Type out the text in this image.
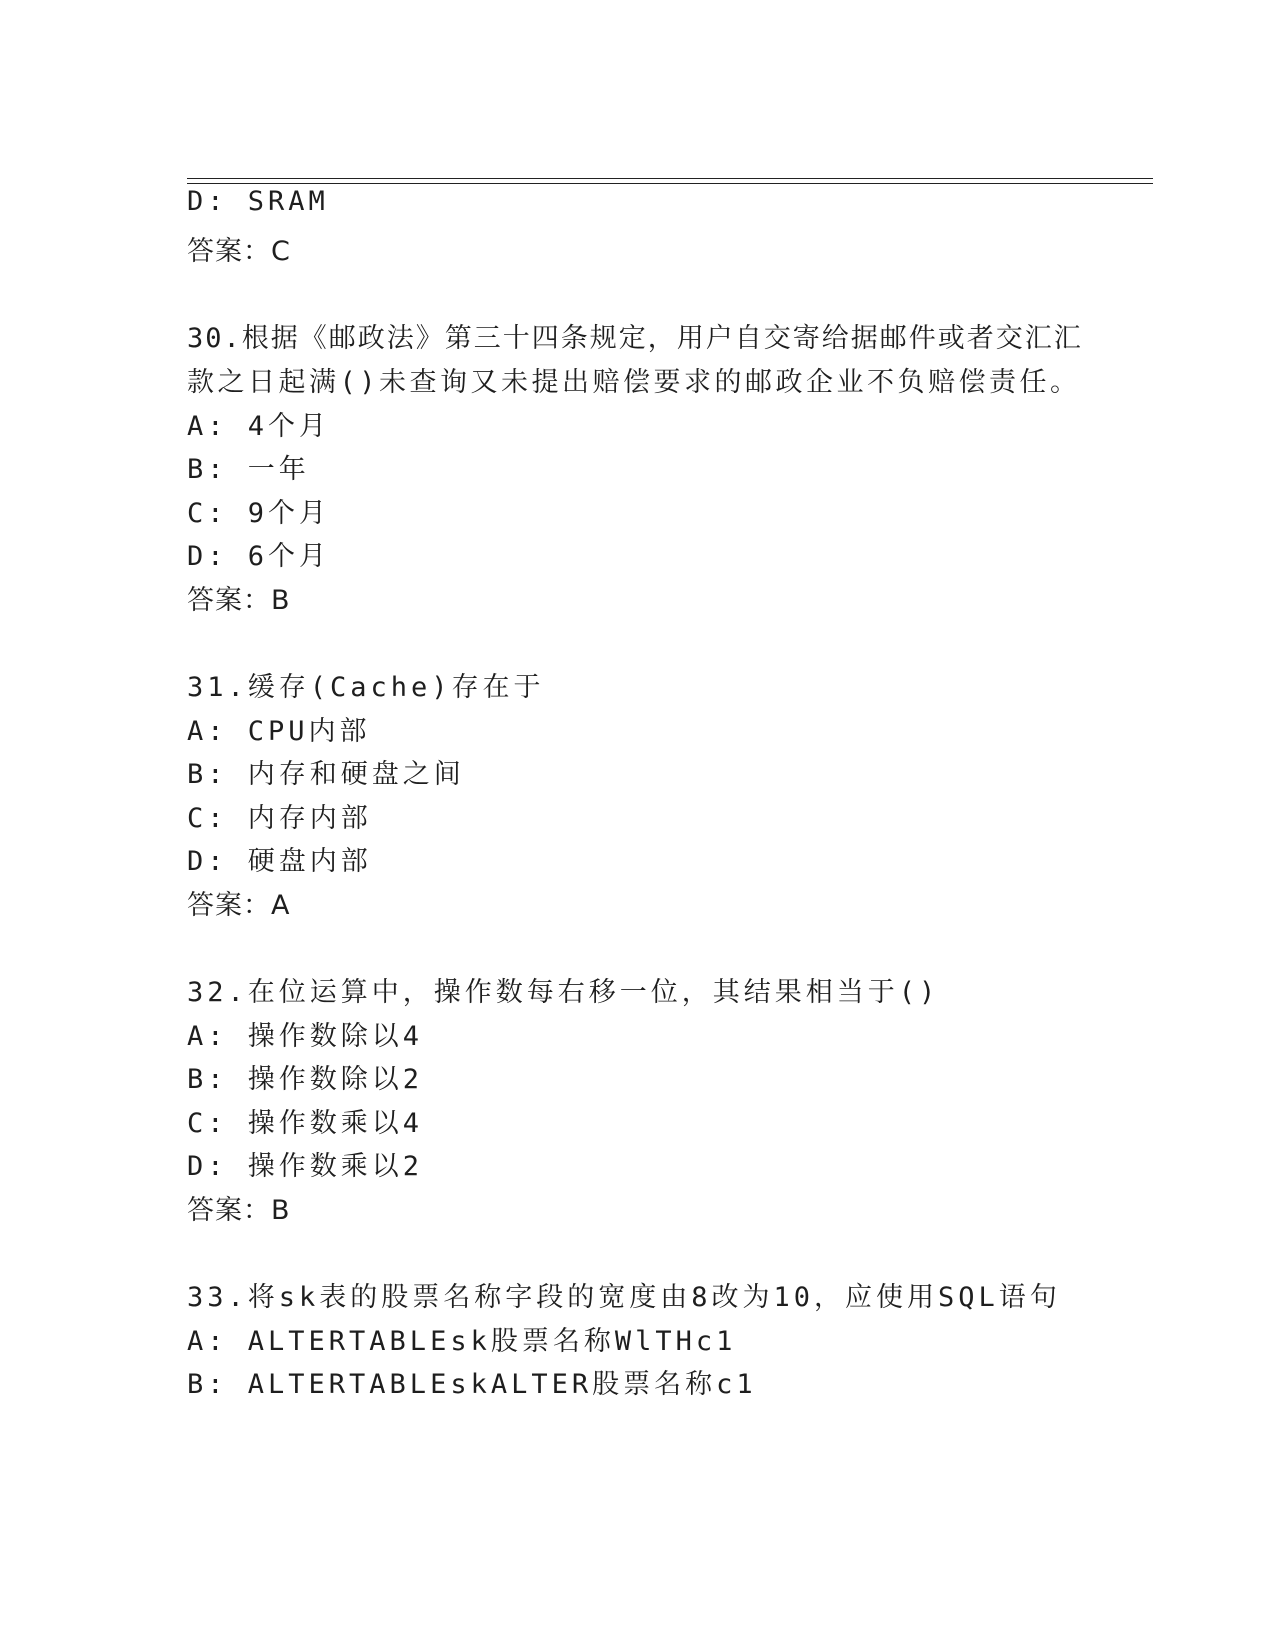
D: SRAM
答案：C
30.根据《邮政法》第三十四条规定，用户自交寄给据邮件或者交汇汇
款之日起满()未查询又未提出赔偿要求的邮政企业不负赔偿责任。
A: 4个月
B: 一年
C: 9个月
D: 6个月
答案：B
31.缓存(Cache)存在于
A: CPU内部
B: 内存和硬盘之间
C: 内存内部
D: 硬盘内部
答案：A
32.在位运算中，操作数每右移一位，其结果相当于()
A: 操作数除以4
B: 操作数除以2
C: 操作数乘以4
D: 操作数乘以2
答案：B
33.将sk表的股票名称字段的宽度由8改为10，应使用SQL语句
A: ALTERTABLEsk股票名称WlTHc1
B: ALTERTABLEskALTER股票名称c1
